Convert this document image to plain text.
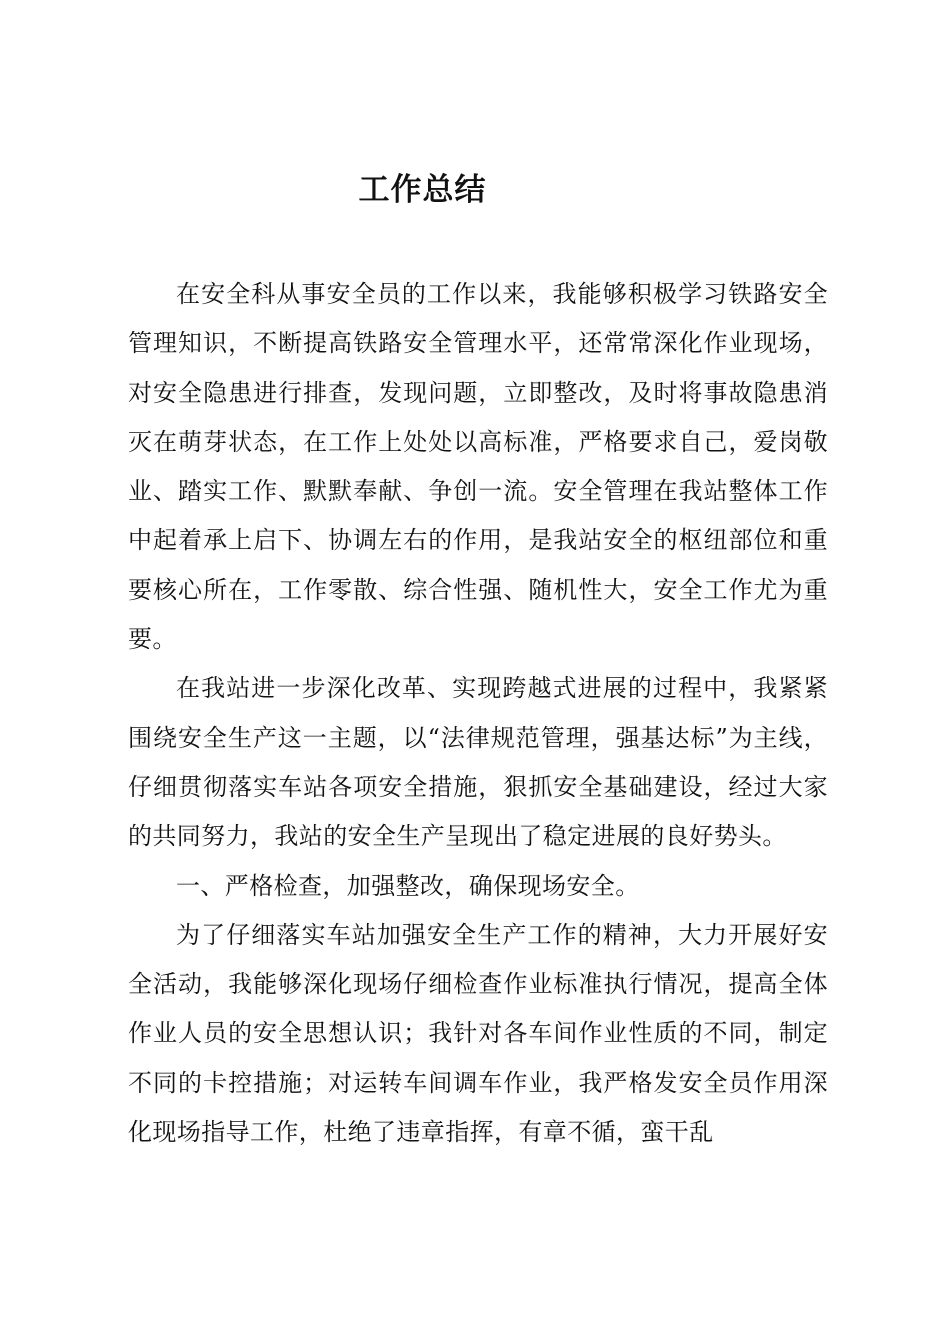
工作总结

在安全科从事安全员的工作以来，我能够积极学习铁路安全管理知识，不断提高铁路安全管理水平，还常常深化作业现场，对安全隐患进行排查，发现问题，立即整改，及时将事故隐患消灭在萌芽状态，在工作上处处以高标准，严格要求自己，爱岗敬业、踏实工作、默默奉献、争创一流。安全管理在我站整体工作中起着承上启下、协调左右的作用，是我站安全的枢纽部位和重要核心所在，工作零散、综合性强、随机性大，安全工作尤为重要。

在我站进一步深化改革、实现跨越式进展的过程中，我紧紧围绕安全生产这一主题，以“法律规范管理，强基达标”为主线，仔细贯彻落实车站各项安全措施，狠抓安全基础建设，经过大家的共同努力，我站的安全生产呈现出了稳定进展的良好势头。

一、严格检查，加强整改，确保现场安全。

为了仔细落实车站加强安全生产工作的精神，大力开展好安全活动，我能够深化现场仔细检查作业标准执行情况，提高全体作业人员的安全思想认识；我针对各车间作业性质的不同，制定不同的卡控措施；对运转车间调车作业，我严格发安全员作用深化现场指导工作，杜绝了违章指挥，有章不循，蛮干乱
